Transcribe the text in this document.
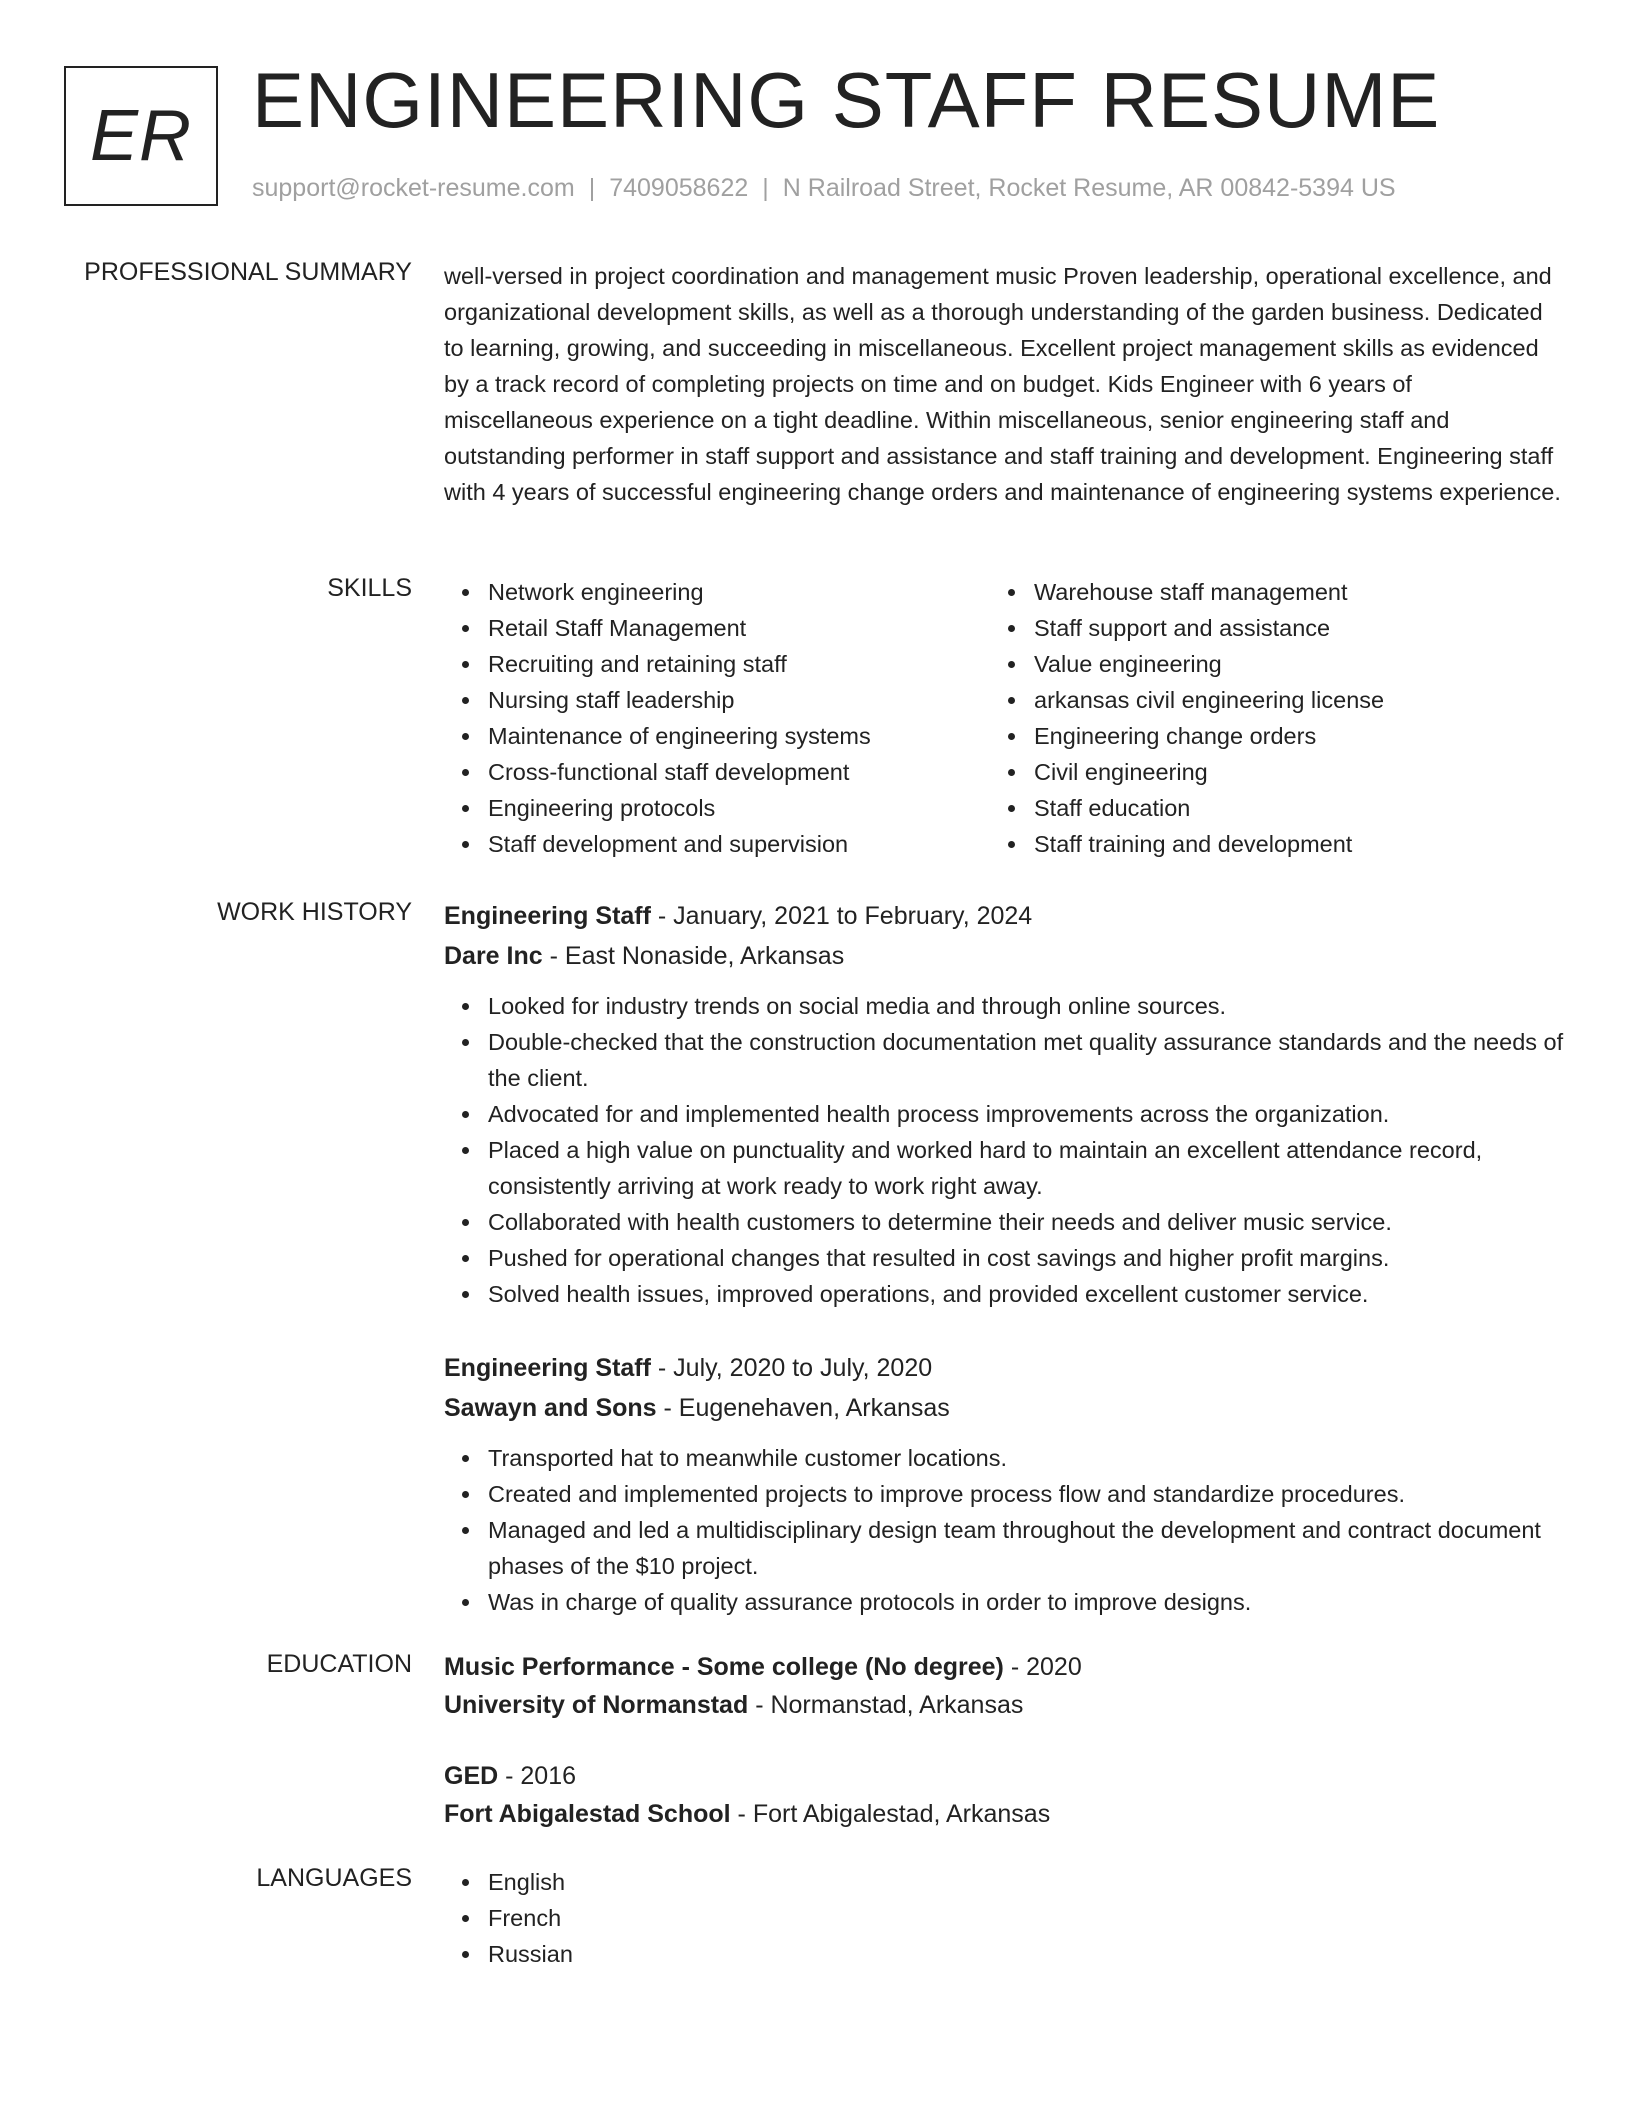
ER ENGINEERING STAFF RESUME
support@rocket-resume.com | 7409058622 | N Railroad Street, Rocket Resume, AR 00842-5394 US
PROFESSIONAL SUMMARY well-versed in project coordination and management music Proven leadership, operational excellence, and organizational development skills, as well as a thorough understanding of the garden business. Dedicated to learning, growing, and succeeding in miscellaneous. Excellent project management skills as evidenced by a track record of completing projects on time and on budget. Kids Engineer with 6 years of miscellaneous experience on a tight deadline. Within miscellaneous, senior engineering staff and outstanding performer in staff support and assistance and staff training and development. Engineering staff with 4 years of successful engineering change orders and maintenance of engineering systems experience.

SKILLS	Network engineering
Retail Staff Management
Recruiting and retaining staff
Nursing staff leadership
Maintenance of engineering systems
Cross-functional staff development
Engineering protocols
Staff development and supervision
Warehouse staff management
Staff support and assistance
Value engineering
arkansas civil engineering license
Engineering change orders
Civil engineering
Staff education
Staff training and development
WORK HISTORY Engineering Staff - January, 2021 to February, 2024
Dare Inc - East Nonaside, Arkansas
Looked for industry trends on social media and through online sources.
Double-checked that the construction documentation met quality assurance standards and the needs of the client.
Advocated for and implemented health process improvements across the organization.
Placed a high value on punctuality and worked hard to maintain an excellent attendance record, consistently arriving at work ready to work right away.
Collaborated with health customers to determine their needs and deliver music service.
Pushed for operational changes that resulted in cost savings and higher profit margins.
Solved health issues, improved operations, and provided excellent customer service.
Engineering Staff - July, 2020 to July, 2020
Sawayn and Sons - Eugenehaven, Arkansas
Transported hat to meanwhile customer locations.
Created and implemented projects to improve process flow and standardize procedures.
Managed and led a multidisciplinary design team throughout the development and contract document phases of the $10 project.
Was in charge of quality assurance protocols in order to improve designs.
EDUCATION Music Performance - Some college (No degree) - 2020
University of Normanstad - Normanstad, Arkansas
GED - 2016
Fort Abigalestad School - Fort Abigalestad, Arkansas
LANGUAGES	English
French
Russian
